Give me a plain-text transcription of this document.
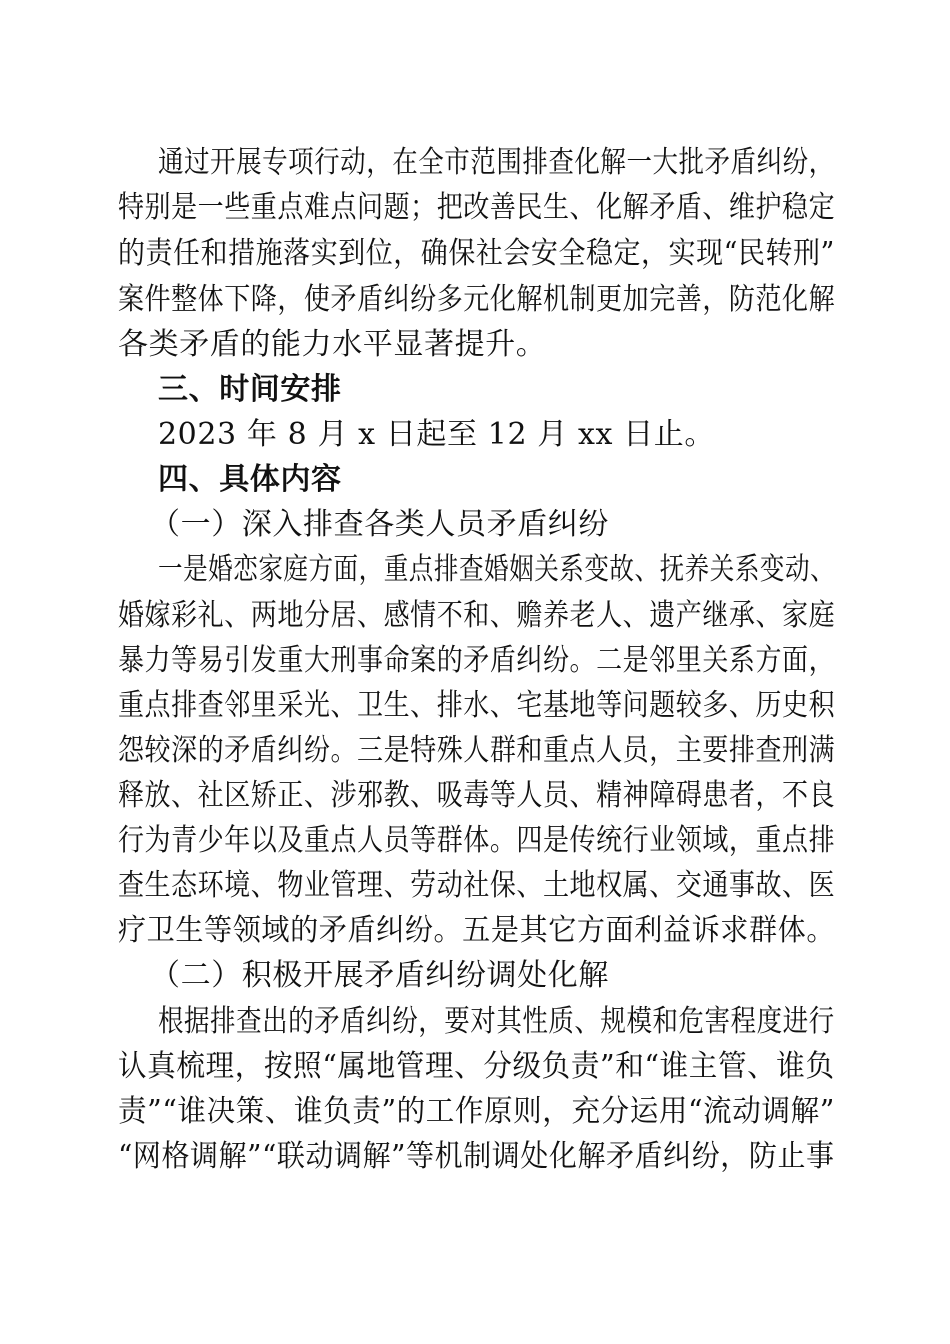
通过开展专项行动，在全市范围排查化解一大批矛盾纠纷，
特别是一些重点难点问题；把改善民生、化解矛盾、维护稳定
的责任和措施落实到位，确保社会安全稳定，实现“民转刑”
案件整体下降，使矛盾纠纷多元化解机制更加完善，防范化解
各类矛盾的能力水平显著提升。
三、时间安排
2023 年 8 月 x 日起至 12 月 xx 日止。
四、具体内容
（一）深入排查各类人员矛盾纠纷
一是婚恋家庭方面，重点排查婚姻关系变故、抚养关系变动、
婚嫁彩礼、两地分居、感情不和、赡养老人、遗产继承、家庭
暴力等易引发重大刑事命案的矛盾纠纷。二是邻里关系方面，
重点排查邻里采光、卫生、排水、宅基地等问题较多、历史积
怨较深的矛盾纠纷。三是特殊人群和重点人员，主要排查刑满
释放、社区矫正、涉邪教、吸毒等人员、精神障碍患者，不良
行为青少年以及重点人员等群体。四是传统行业领域，重点排
查生态环境、物业管理、劳动社保、土地权属、交通事故、医
疗卫生等领域的矛盾纠纷。五是其它方面利益诉求群体。
（二）积极开展矛盾纠纷调处化解
根据排查出的矛盾纠纷，要对其性质、规模和危害程度进行
认真梳理，按照“属地管理、分级负责”和“谁主管、谁负
责”“谁决策、谁负责”的工作原则，充分运用“流动调解”
“网格调解”“联动调解”等机制调处化解矛盾纠纷，防止事
